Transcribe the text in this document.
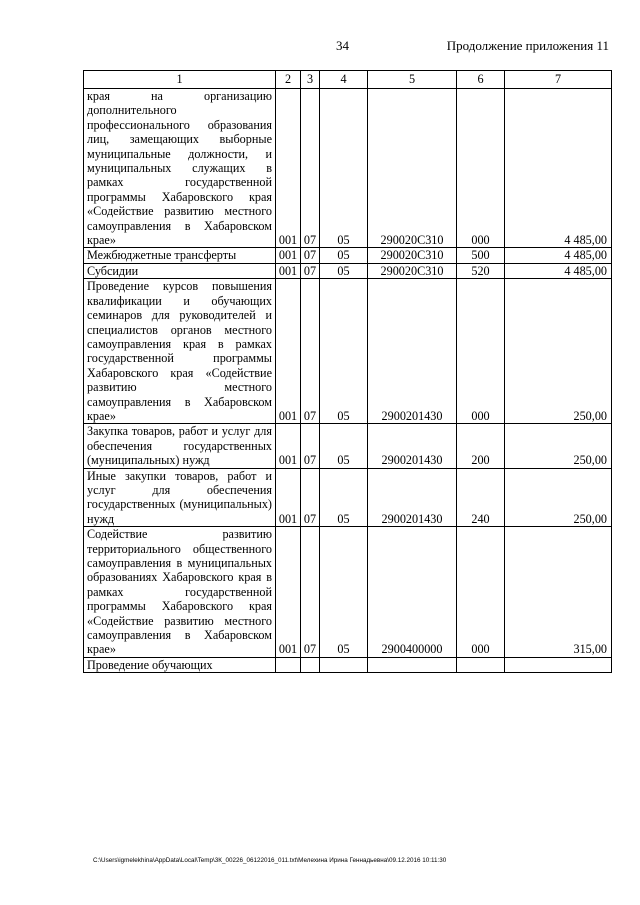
34	Продолжение приложения 11
1	2	3	4	5	6	7
края на организацию дополнительного профессионального образования лиц, замещающих выборные муниципальные должности, и муниципальных служащих в рамках государственной программы Хабаровского края «Содействие развитию местного самоуправления в Хабаровском крае»	001	07	05	290020С310	000	4 485,00
Межбюджетные трансферты	001	07	05	290020С310	500	4 485,00
Субсидии	001	07	05	290020С310	520	4 485,00
Проведение курсов повышения квалификации и обучающих семинаров для руководителей и специалистов органов местного самоуправления края в рамках государственной программы Хабаровского края «Содействие развитию местного самоуправления в Хабаровском крае»	001	07	05	2900201430	000	250,00
Закупка товаров, работ и услуг для обеспечения государственных (муниципальных) нужд	001	07	05	2900201430	200	250,00
Иные закупки товаров, работ и услуг для обеспечения государственных (муниципальных) нужд	001	07	05	2900201430	240	250,00
Содействие развитию территориального общественного самоуправления в муниципальных образованиях Хабаровского края в рамках государственной программы Хабаровского края «Содействие развитию местного самоуправления в Хабаровском крае»	001	07	05	2900400000	000	315,00
Проведение обучающих						
C:\Users\igmelekhina\AppData\Local\Temp\3К_00226_06122016_011.txt\Мелехина Ирина Геннадьевна\09.12.2016 10:11:30
